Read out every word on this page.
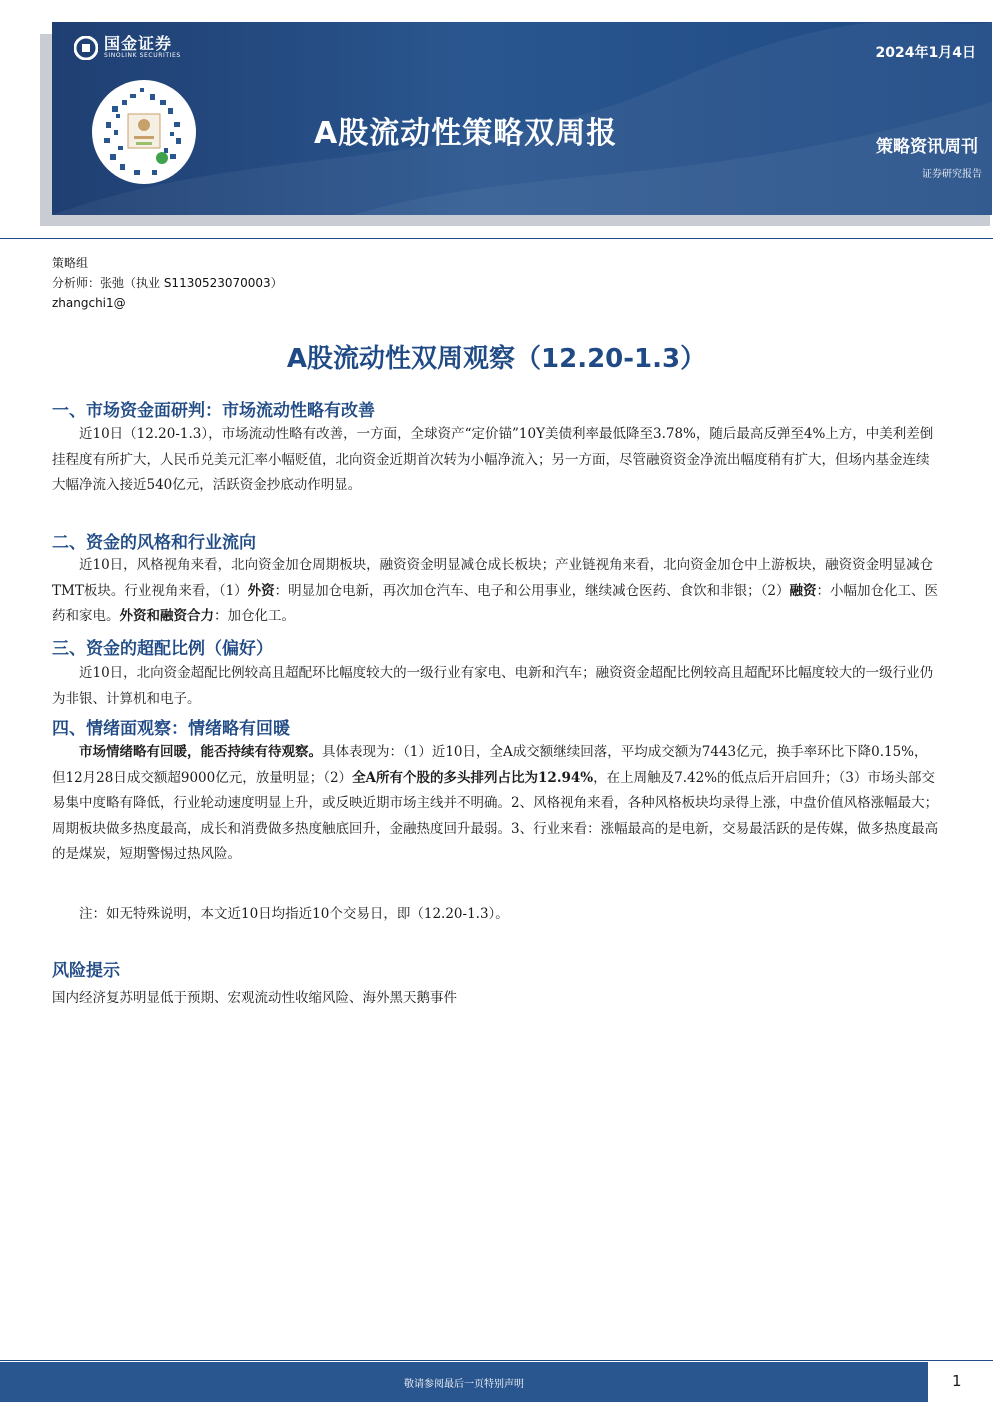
国金证券
SINOLINK SECURITIES	2024年1月4日
A股流动性策略双周报	策略资讯周刊
证券研究报告
策略组
分析师：张弛（执业 S1130523070003）
zhangchi1@
A股流动性双周观察（12.20-1.3）
一、市场资金面研判：市场流动性略有改善

近10日（12.20-1.3），市场流动性略有改善，一方面，全球资产“定价锚”10Y美债利率最低降至3.78%，随后最高反弹至4%上方，中美利差倒挂程度有所扩大，人民币兑美元汇率小幅贬值，北向资金近期首次转为小幅净流入；另一方面，尽管融资资金净流出幅度稍有扩大，但场内基金连续大幅净流入接近540亿元，活跃资金抄底动作明显。

二、资金的风格和行业流向

近10日，风格视角来看，北向资金加仓周期板块，融资资金明显减仓成长板块；产业链视角来看，北向资金加仓中上游板块，融资资金明显减仓TMT板块。行业视角来看，（1）外资：明显加仓电新，再次加仓汽车、电子和公用事业，继续减仓医药、食饮和非银；（2）融资：小幅加仓化工、医药和家电。外资和融资合力：加仓化工。

三、资金的超配比例（偏好）

近10日，北向资金超配比例较高且超配环比幅度较大的一级行业有家电、电新和汽车；融资资金超配比例较高且超配环比幅度较大的一级行业仍为非银、计算机和电子。

四、情绪面观察：情绪略有回暖

市场情绪略有回暖，能否持续有待观察。具体表现为：（1）近10日，全A成交额继续回落，平均成交额为7443亿元，换手率环比下降0.15%，但12月28日成交额超9000亿元，放量明显；（2）全A所有个股的多头排列占比为12.94%，在上周触及7.42%的低点后开启回升；（3）市场头部交易集中度略有降低，行业轮动速度明显上升，或反映近期市场主线并不明确。2、风格视角来看，各种风格板块均录得上涨，中盘价值风格涨幅最大；周期板块做多热度最高，成长和消费做多热度触底回升，金融热度回升最弱。3、行业来看：涨幅最高的是电新，交易最活跃的是传媒，做多热度最高的是煤炭，短期警惕过热风险。

注：如无特殊说明，本文近10日均指近10个交易日，即（12.20-1.3）。

风险提示
国内经济复苏明显低于预期、宏观流动性收缩风险、海外黑天鹅事件
敬请参阅最后一页特别声明	1
